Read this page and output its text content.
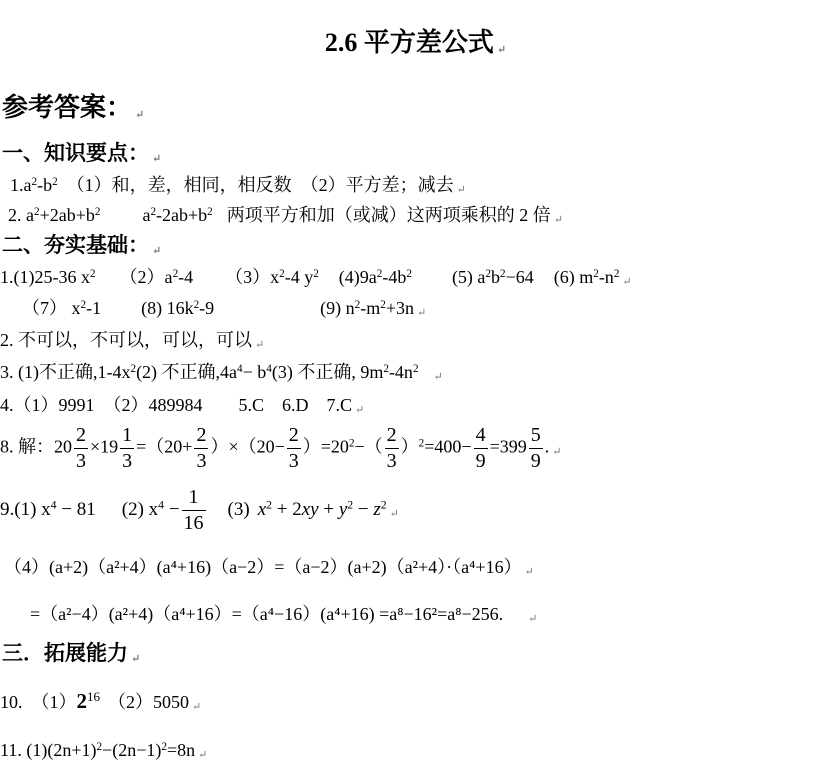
2.6 平方差公式 ↵
参考答案： ↵
一、知识要点： ↵
$1.a^2-b^2$　（1）和，差，相同，相反数　（2）平方差；减去 ↵
2. $a^2+2ab+b^2$ $a^2-2ab+b^2$ 两项平方和加（或减）这两项乘积的 2 倍 ↵
二、夯实基础： ↵
1.(1)25-36 $x^2$ $(2)a^2-4$ $(3)x^2-4$ $y^2$ $(4)9a^2-4b^2$ (5) $a^2b^2-64$ (6) $m^2-n^2↵$
（7） $x^2-1$ (8) $16k^2-9$	(9) $n^2-m^2+3n$ ↵
2. 不可以，不可以，可以，可以 ↵
3. (1)不正确$,1-4x^2(2)$ 不正确$,4a^4- b^4(3)$ 不正确, $9m^2-4n^2↵$
4.（1）9991　（2）489984　　5.C　6.D　7.C ↵
8. 解：$20 \frac{2}{3} \times 19 \frac{1}{3} =(20+ \frac{2}{3} )\times(20- \frac{2}{3} )=20^2-( \frac{2}{3} )^2=400- \frac{4}{9} =399 \frac{5}{9}$ . ↵
9.(1) $x^4 - 81$ (2) $x^4 - \frac{1}{16} (3) x^2 + 2xy + y^2$ − $z^2↵$
（4）(a+2)（a²+4）(a⁴+16)（a−2）=（a−2）(a+2)（a²+4）·（a⁴+16） ↵
　=（a²−4）(a²+4)（a⁴+16）=（a⁴−16）(a⁴+16) =a⁸−16²=a⁸−256. ↵
三．拓展能力 ↵
10.　$(1)2^{16}$ （2）5050 ↵
11. $(1)(2n+1)^2-(2n-1)^2=8n$ ↵
